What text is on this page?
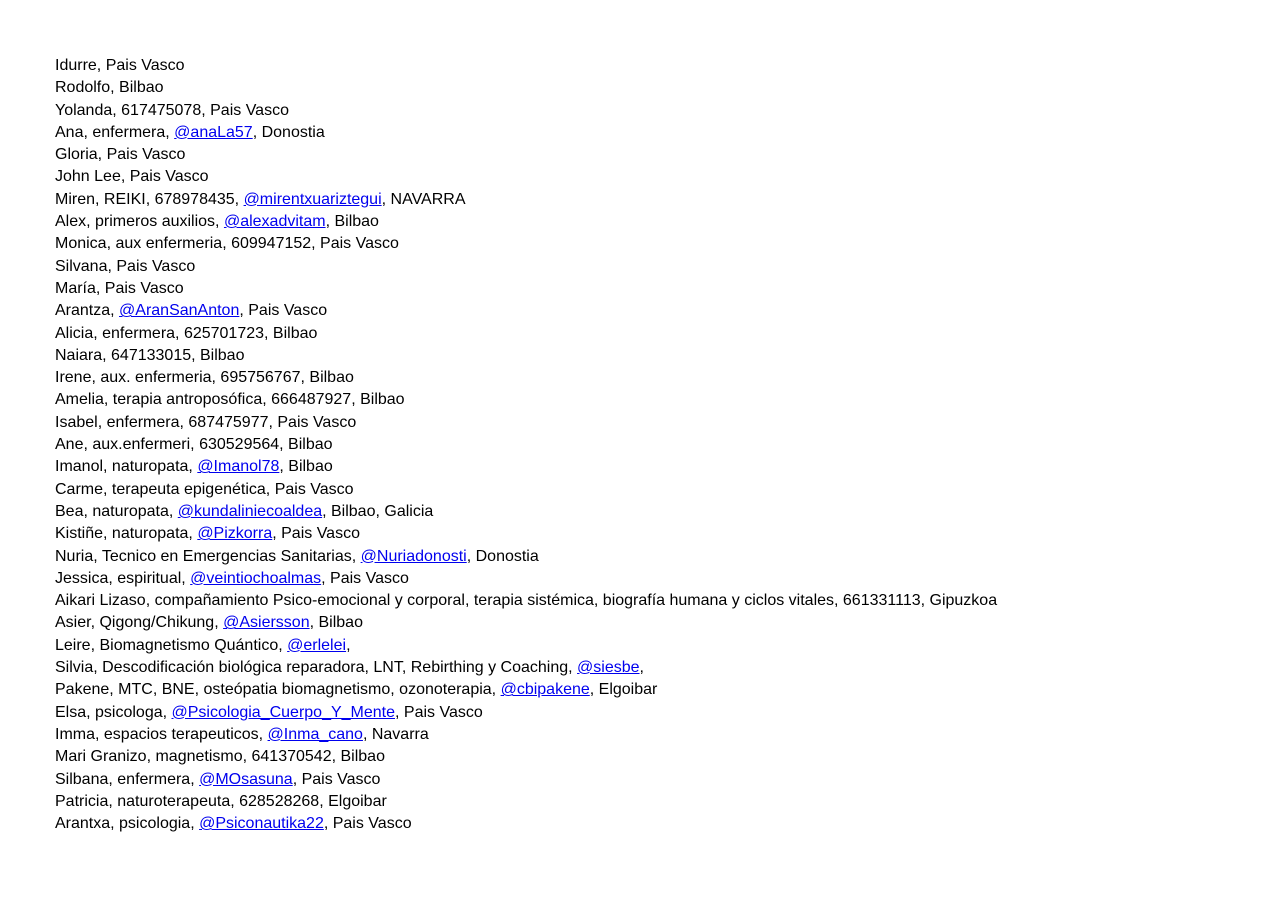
Idurre, Pais Vasco
Rodolfo, Bilbao
Yolanda, 617475078, Pais Vasco
Ana, enfermera, @anaLa57, Donostia
Gloria, Pais Vasco
John Lee, Pais Vasco
Miren, REIKI, 678978435, @mirentxuariztegui, NAVARRA
Alex, primeros auxilios, @alexadvitam, Bilbao
Monica, aux enfermeria, 609947152, Pais Vasco
Silvana, Pais Vasco
María, Pais Vasco
Arantza, @AranSanAnton, Pais Vasco
Alicia, enfermera, 625701723, Bilbao
Naiara, 647133015, Bilbao
Irene, aux. enfermeria, 695756767, Bilbao
Amelia, terapia antroposófica, 666487927, Bilbao
Isabel, enfermera, 687475977, Pais Vasco
Ane, aux.enfermeri, 630529564, Bilbao
Imanol, naturopata, @Imanol78, Bilbao
Carme, terapeuta epigenética, Pais Vasco
Bea, naturopata, @kundaliniecoaldea, Bilbao, Galicia
Kistiñe, naturopata, @Pizkorra, Pais Vasco
Nuria, Tecnico en Emergencias Sanitarias, @Nuriadonosti, Donostia
Jessica, espiritual, @veintiochoalmas, Pais Vasco
Aikari Lizaso, compañamiento Psico-emocional y corporal, terapia sistémica, biografía humana y ciclos vitales, 661331113, Gipuzkoa
Asier, Qigong/Chikung, @Asiersson, Bilbao
Leire, Biomagnetismo Quántico, @erlelei,
Silvia, Descodificación biológica reparadora, LNT, Rebirthing y Coaching, @siesbe,
Pakene, MTC, BNE, osteópatia biomagnetismo, ozonoterapia, @cbipakene, Elgoibar
Elsa, psicologa, @Psicologia_Cuerpo_Y_Mente, Pais Vasco
Imma, espacios terapeuticos, @Inma_cano, Navarra
Mari Granizo, magnetismo, 641370542, Bilbao
Silbana, enfermera, @MOsasuna, Pais Vasco
Patricia, naturoterapeuta, 628528268, Elgoibar
Arantxa, psicologia, @Psiconautika22, Pais Vasco
